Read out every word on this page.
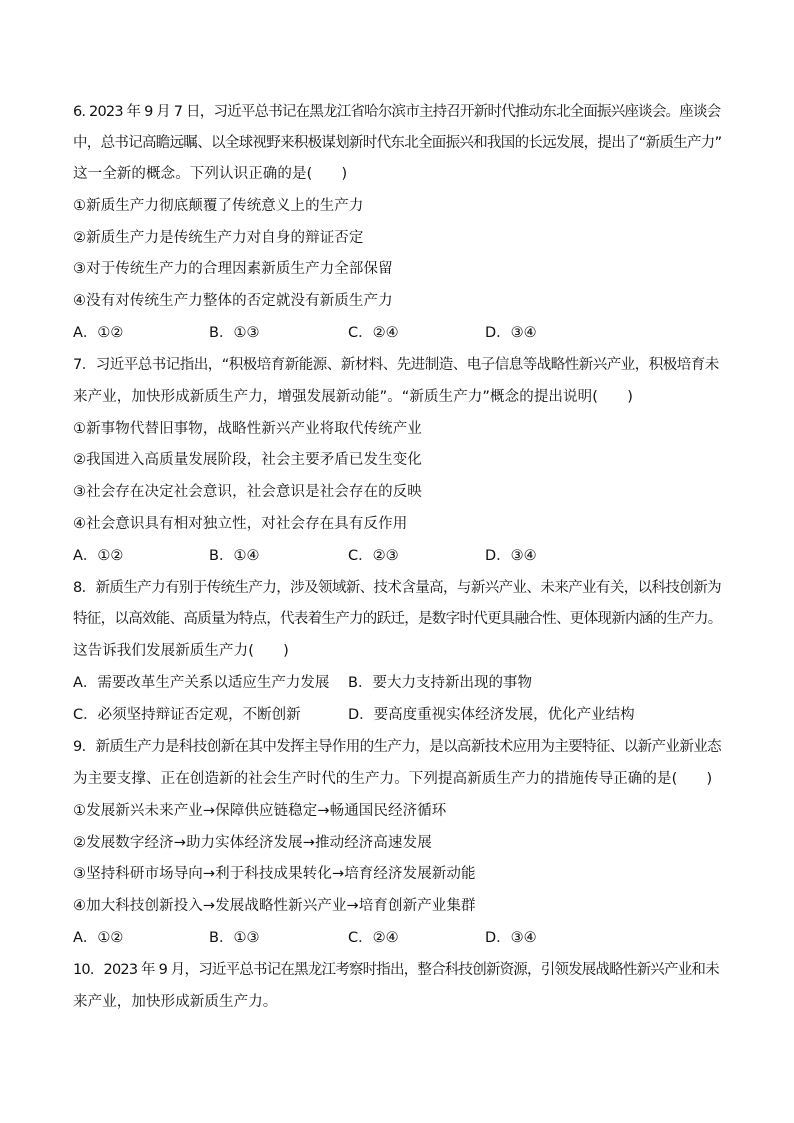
6. 2023 年 9 月 7 日，习近平总书记在黑龙江省哈尔滨市主持召开新时代推动东北全面振兴座谈会。座谈会
中，总书记高瞻远瞩、以全球视野来积极谋划新时代东北全面振兴和我国的长远发展，提出了“新质生产力”
这一全新的概念。下列认识正确的是(　　)
①新质生产力彻底颠覆了传统意义上的生产力
②新质生产力是传统生产力对自身的辩证否定
③对于传统生产力的合理因素新质生产力全部保留
④没有对传统生产力整体的否定就没有新质生产力
A．①②	B．①③	C．②④	D．③④
7．习近平总书记指出，“积极培育新能源、新材料、先进制造、电子信息等战略性新兴产业，积极培育未
来产业，加快形成新质生产力，增强发展新动能”。“新质生产力”概念的提出说明(　　)
①新事物代替旧事物，战略性新兴产业将取代传统产业
②我国进入高质量发展阶段，社会主要矛盾已发生变化
③社会存在决定社会意识，社会意识是社会存在的反映
④社会意识具有相对独立性，对社会存在具有反作用
A．①②	B．①④	C．②③	D．③④
8．新质生产力有别于传统生产力，涉及领域新、技术含量高，与新兴产业、未来产业有关，以科技创新为
特征，以高效能、高质量为特点，代表着生产力的跃迁，是数字时代更具融合性、更体现新内涵的生产力。
这告诉我们发展新质生产力(　　)
A．需要改革生产关系以适应生产力发展 B．要大力支持新出现的事物
C．必须坚持辩证否定观，不断创新	D．要高度重视实体经济发展，优化产业结构
9．新质生产力是科技创新在其中发挥主导作用的生产力，是以高新技术应用为主要特征、以新产业新业态
为主要支撑、正在创造新的社会生产时代的生产力。下列提高新质生产力的措施传导正确的是(　　)
①发展新兴未来产业→保障供应链稳定→畅通国民经济循环
②发展数字经济→助力实体经济发展→推动经济高速发展
③坚持科研市场导向→利于科技成果转化→培育经济发展新动能
④加大科技创新投入→发展战略性新兴产业→培育创新产业集群
A．①②	B．①③	C．②④	D．③④
10．2023 年 9 月，习近平总书记在黑龙江考察时指出，整合科技创新资源，引领发展战略性新兴产业和未
来产业，加快形成新质生产力。
